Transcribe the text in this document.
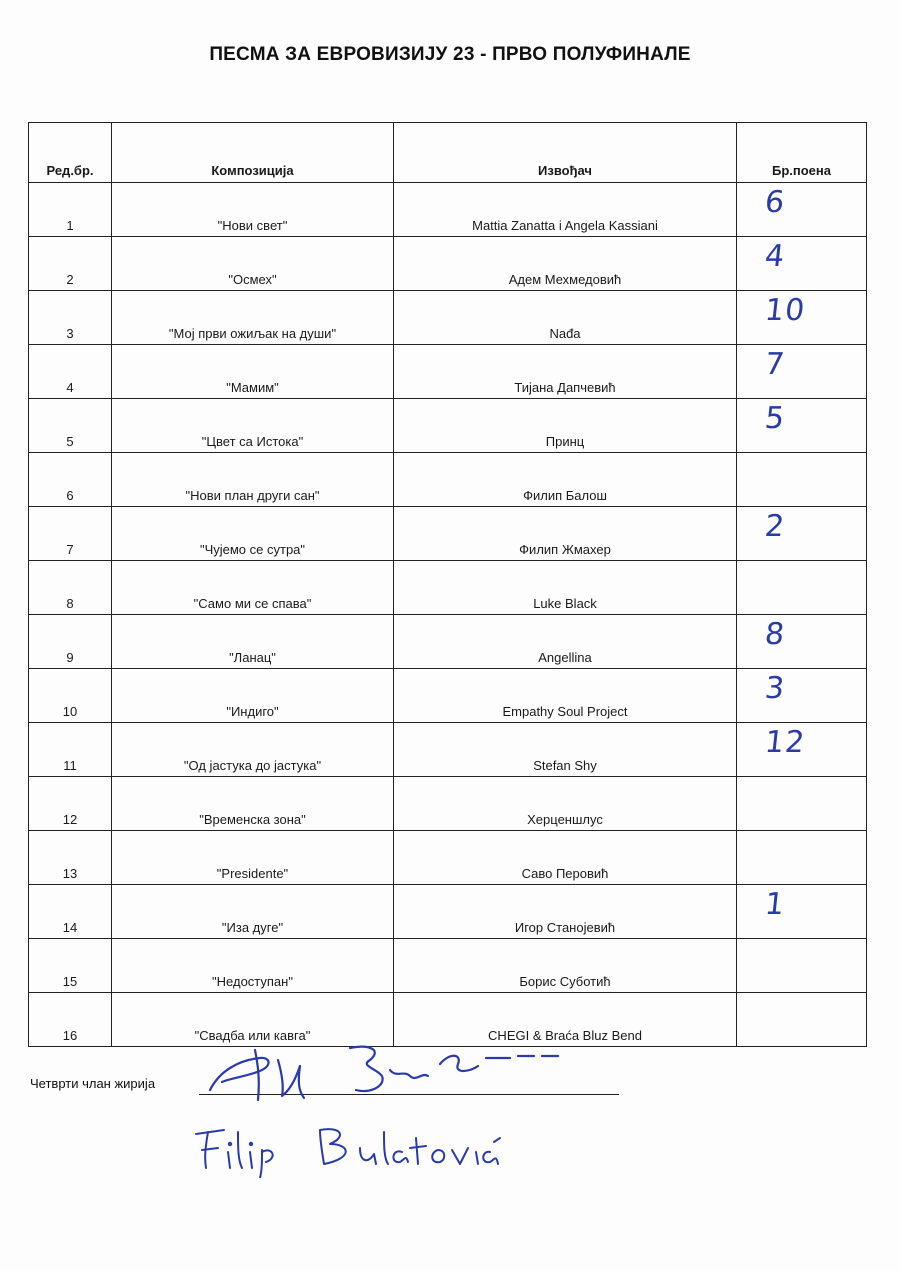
ПЕСМА ЗА ЕВРОВИЗИЈУ 23 - ПРВО ПОЛУФИНАЛЕ
Ред.бр.	Композиција	Извођач	Бр.поена
1	"Нови свет"	Mattia Zanatta i Angela Kassiani	6

2	"Осмех"	Адем Мехмедовић	4

3	"Мој први ожиљак на души"	Nađa	10

4	"Мамим"	Тијана Дапчевић	7

5	"Цвет са Истока"	Принц	5

6	"Нови план други сан"	Филип Балош	

7	"Чујемо се сутра"	Филип Жмахер	2

8	"Само ми се спава"	Luke Black	

9	"Ланац"	Angellina	8

10	"Индиго"	Empathy Soul Project	3

11	"Од јастука до јастука"	Stefan Shy	12

12	"Временска зона"	Херценшлус	

13	"Presidente"	Саво Перовић	

14	"Иза дуге"	Игор Станојевић	1

15	"Недоступан"	Борис Суботић	

16	"Свадба или кавга"	CHEGI & Braća Bluz Bend	
Четврти члан жирија
